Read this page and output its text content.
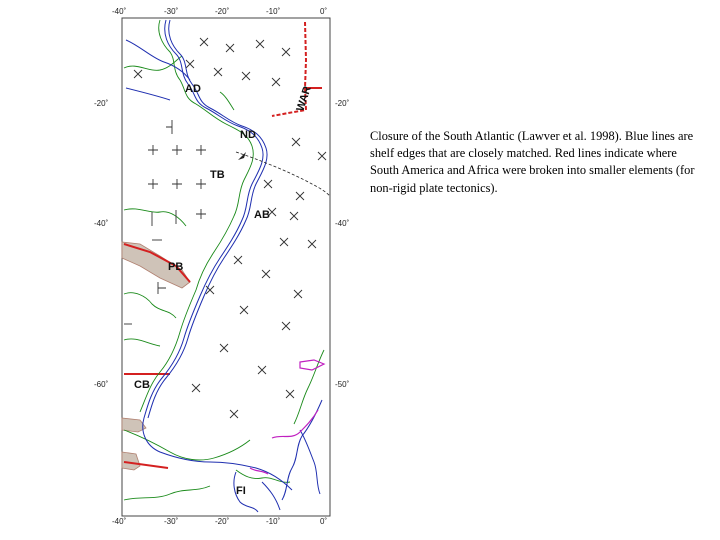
-40˚	-30˚	-20˚	-10˚	0˚
-40˚	-30˚	-20˚	-10˚	0˚
-20˚
-40˚
-60˚
-20˚
-40˚
-50˚
AD	WAR
ND
TB
AB
PB
CB
FI
Closure of the South Atlantic (Lawver et al. 1998). Blue lines are shelf edges that are closely matched. Red lines indicate where South America and Africa were broken into smaller elements (for non-rigid plate tectonics).
